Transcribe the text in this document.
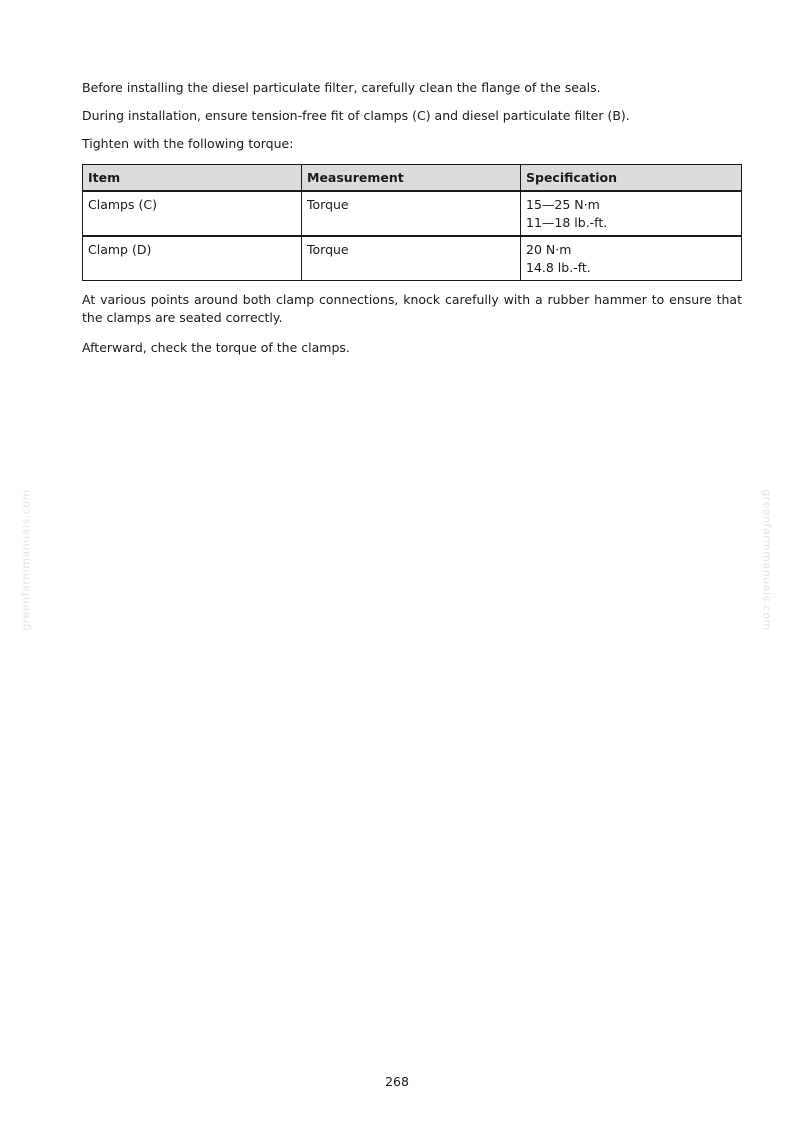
Before installing the diesel particulate filter, carefully clean the flange of the seals.

During installation, ensure tension-free fit of clamps (C) and diesel particulate filter (B).

Tighten with the following torque:

Item	Measurement	Specification
Clamps (C)	Torque	15—25 N·m
11—18 lb.-ft.

Clamp (D)	Torque	20 N·m
14.8 lb.-ft.

At various points around both clamp connections, knock carefully with a rubber hammer to ensure that the clamps are seated correctly.

Afterward, check the torque of the clamps.

greenfarmmanuals.com	greenfarmmanuals.com
268
